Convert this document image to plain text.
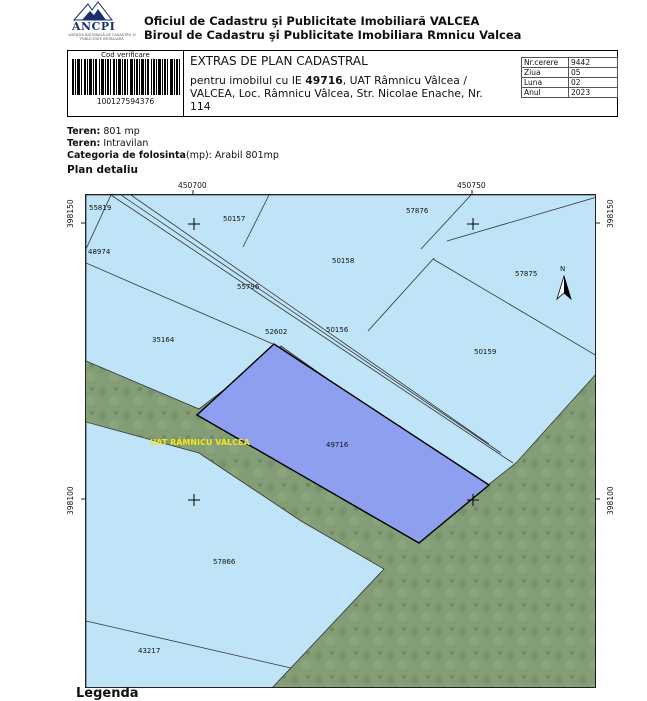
ANCPI
AGENȚIA NAȚIONALĂ DE CADASTRU ȘI PUBLICITATE IMOBILIARĂ
Oficiul de Cadastru şi Publicitate Imobiliară VALCEA
Biroul de Cadastru şi Publicitate Imobiliara Rmnicu Valcea
Cod verificare
100127594376
EXTRAS DE PLAN CADASTRAL
pentru imobilul cu IE 49716, UAT Râmnicu Vâlcea / VALCEA, Loc. Râmnicu Vâlcea, Str. Nicolae Enache, Nr. 114
Nr.cerere	9442
Ziua	05
Luna	02
Anul	2023
Teren: 801 mp
Teren: Intravilan
Categoria de folosinta(mp): Arabil 801mp
Plan detaliu
450700	450750
398150
398100
398150
398100
55819
50157
57876
48974
50158
57875
55796
52602	50156
35164
50159
49716
57866
43217
UAT RÂMNICU VÂLCEA
N
Legenda
